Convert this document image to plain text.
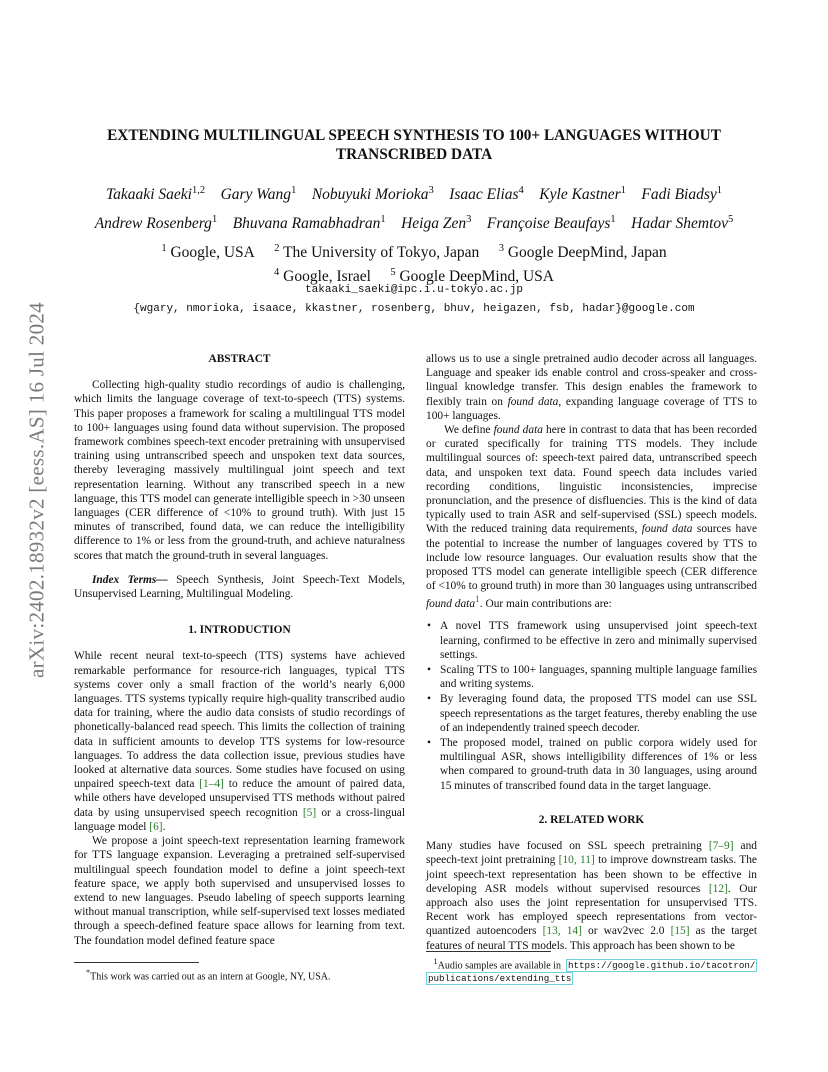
arXiv:2402.18932v2 [eess.AS] 16 Jul 2024
EXTENDING MULTILINGUAL SPEECH SYNTHESIS TO 100+ LANGUAGES WITHOUT TRANSCRIBED DATA
Takaaki Saeki$^{1,2}$ Gary Wang$^1$ Nobuyuki Morioka$^3$ Isaac Elias$^4$ Kyle Kastner$^1$ Fadi Biadsy$^1$
Andrew Rosenberg$^1$ Bhuvana Ramabhadran$^1$ Heiga Zen$^3$ Françoise Beaufays$^1$ Hadar Shemtov$^5$
$^1$ Google, USA $^2$ The University of Tokyo, Japan $^3$ Google DeepMind, Japan
$^4$ Google, Israel $^5$ Google DeepMind, USA
takaaki_saeki@ipc.i.u-tokyo.ac.jp
{wgary, nmorioka, isaace, kkastner, rosenberg, bhuv, heigazen, fsb, hadar}@google.com
ABSTRACT

Collecting high-quality studio recordings of audio is challenging, which limits the language coverage of text-to-speech (TTS) systems. This paper proposes a framework for scaling a multilingual TTS model to 100+ languages using found data without supervision. The proposed framework combines speech-text encoder pretraining with unsupervised training using untranscribed speech and unspoken text data sources, thereby leveraging massively multilingual joint speech and text representation learning. Without any transcribed speech in a new language, this TTS model can generate intelligible speech in >30 unseen languages (CER difference of <10% to ground truth). With just 15 minutes of transcribed, found data, we can reduce the intelligibility difference to 1% or less from the ground-truth, and achieve naturalness scores that match the ground-truth in several languages.

Index Terms— Speech Synthesis, Joint Speech-Text Models, Unsupervised Learning, Multilingual Modeling.

1. INTRODUCTION

While recent neural text-to-speech (TTS) systems have achieved remarkable performance for resource-rich languages, typical TTS systems cover only a small fraction of the world’s nearly 6,000 languages. TTS systems typically require high-quality transcribed audio data for training, where the audio data consists of studio recordings of phonetically-balanced read speech. This limits the collection of training data in sufficient amounts to develop TTS systems for low-resource languages. To address the data collection issue, previous studies have looked at alternative data sources. Some studies have focused on using unpaired speech-text data [1–4] to reduce the amount of paired data, while others have developed unsupervised TTS methods without paired data by using unsupervised speech recognition [5] or a cross-lingual language model [6].

We propose a joint speech-text representation learning framework for TTS language expansion. Leveraging a pretrained self-supervised multilingual speech foundation model to define a joint speech-text feature space, we apply both supervised and unsupervised losses to extend to new languages. Pseudo labeling of speech supports learning without manual transcription, while self-supervised text losses mediated through a speech-defined feature space allows for learning from text. The foundation model defined feature space

*This work was carried out as an intern at Google, NY, USA.

allows us to use a single pretrained audio decoder across all languages. Language and speaker ids enable control and cross-speaker and cross-lingual knowledge transfer. This design enables the framework to flexibly train on found data, expanding language coverage of TTS to 100+ languages.

We define found data here in contrast to data that has been recorded or curated specifically for training TTS models. They include multilingual sources of: speech-text paired data, untranscribed speech data, and unspoken text data. Found speech data includes varied recording conditions, linguistic inconsistencies, imprecise pronunciation, and the presence of disfluencies. This is the kind of data typically used to train ASR and self-supervised (SSL) speech models. With the reduced training data requirements, found data sources have the potential to increase the number of languages covered by TTS to include low resource languages. Our evaluation results show that the proposed TTS model can generate intelligible speech (CER difference of <10% to ground truth) in more than 30 languages using untranscribed found data$^1$. Our main contributions are:

• A novel TTS framework using unsupervised joint speech-text learning, confirmed to be effective in zero and minimally supervised settings.
• Scaling TTS to 100+ languages, spanning multiple language families and writing systems.
• By leveraging found data, the proposed TTS model can use SSL speech representations as the target features, thereby enabling the use of an independently trained speech decoder.
• The proposed model, trained on public corpora widely used for multilingual ASR, shows intelligibility differences of 1% or less when compared to ground-truth data in 30 languages, using around 15 minutes of transcribed found data in the target language.
2. RELATED WORK

Many studies have focused on SSL speech pretraining [7–9] and speech-text joint pretraining [10, 11] to improve downstream tasks. The joint speech-text representation has been shown to be effective in developing ASR models without supervised resources [12]. Our approach also uses the joint representation for unsupervised TTS. Recent work has employed speech representations from vector-quantized autoencoders [13, 14] or wav2vec 2.0 [15] as the target features of neural TTS models. This approach has been shown to be

$^1$Audio samples are available in https://google.github.io/tacotron/
publications/extending_tts
